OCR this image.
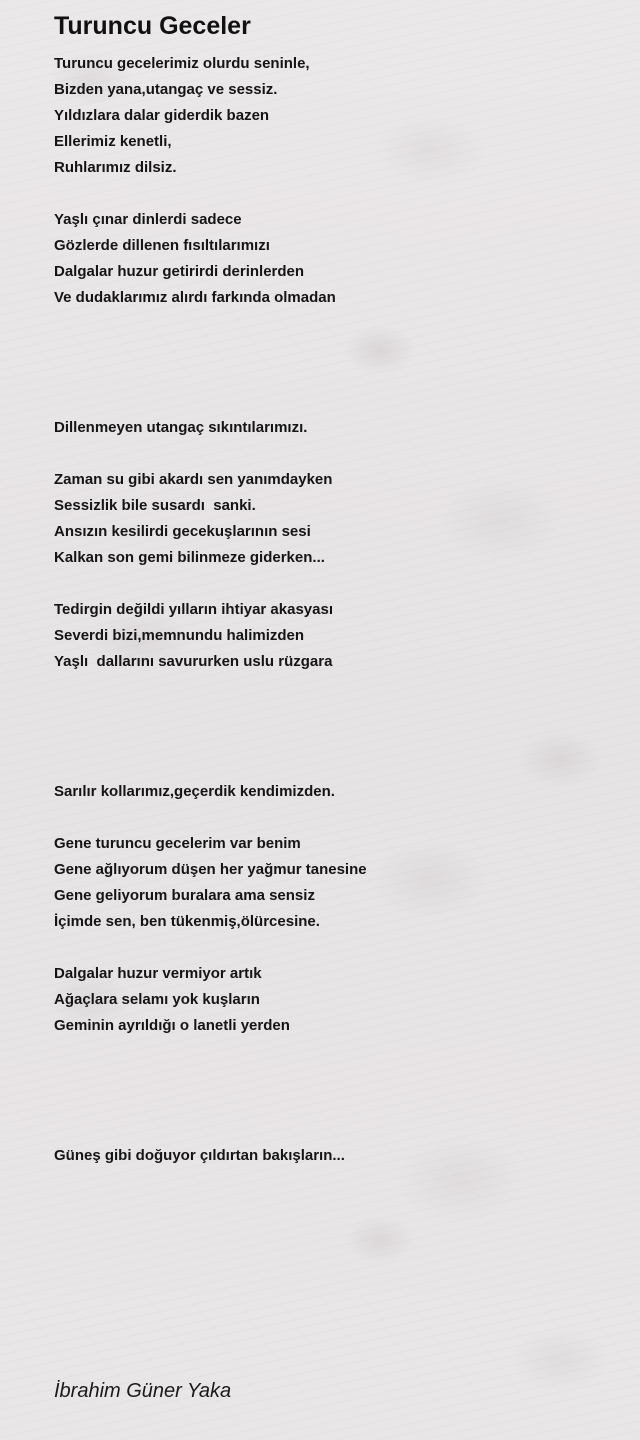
Turuncu Geceler
Turuncu gecelerimiz olurdu seninle,
Bizden yana,utangaç ve sessiz.
Yıldızlara dalar giderdik bazen
Ellerimiz kenetli,
Ruhlarımız dilsiz.
Yaşlı çınar dinlerdi sadece
Gözlerde dillenen fısıltılarımızı
Dalgalar huzur getirirdi derinlerden
Ve dudaklarımız alırdı farkında olmadan
Dillenmeyen utangaç sıkıntılarımızı.
Zaman su gibi akardı sen yanımdayken
Sessizlik bile susardı  sanki.
Ansızın kesilirdi gecekuşlarının sesi
Kalkan son gemi bilinmeze giderken...
Tedirgin değildi yılların ihtiyar akasyası
Severdi bizi,memnundu halimizden
Yaşlı  dallarını savururken uslu rüzgara
Sarılır kollarımız,geçerdik kendimizden.
Gene turuncu gecelerim var benim
Gene ağlıyorum düşen her yağmur tanesine
Gene geliyorum buralara ama sensiz
İçimde sen, ben tükenmiş,ölürcesine.
Dalgalar huzur vermiyor artık
Ağaçlara selamı yok kuşların
Geminin ayrıldığı o lanetli yerden
Güneş gibi doğuyor çıldırtan bakışların...
İbrahim Güner Yaka
